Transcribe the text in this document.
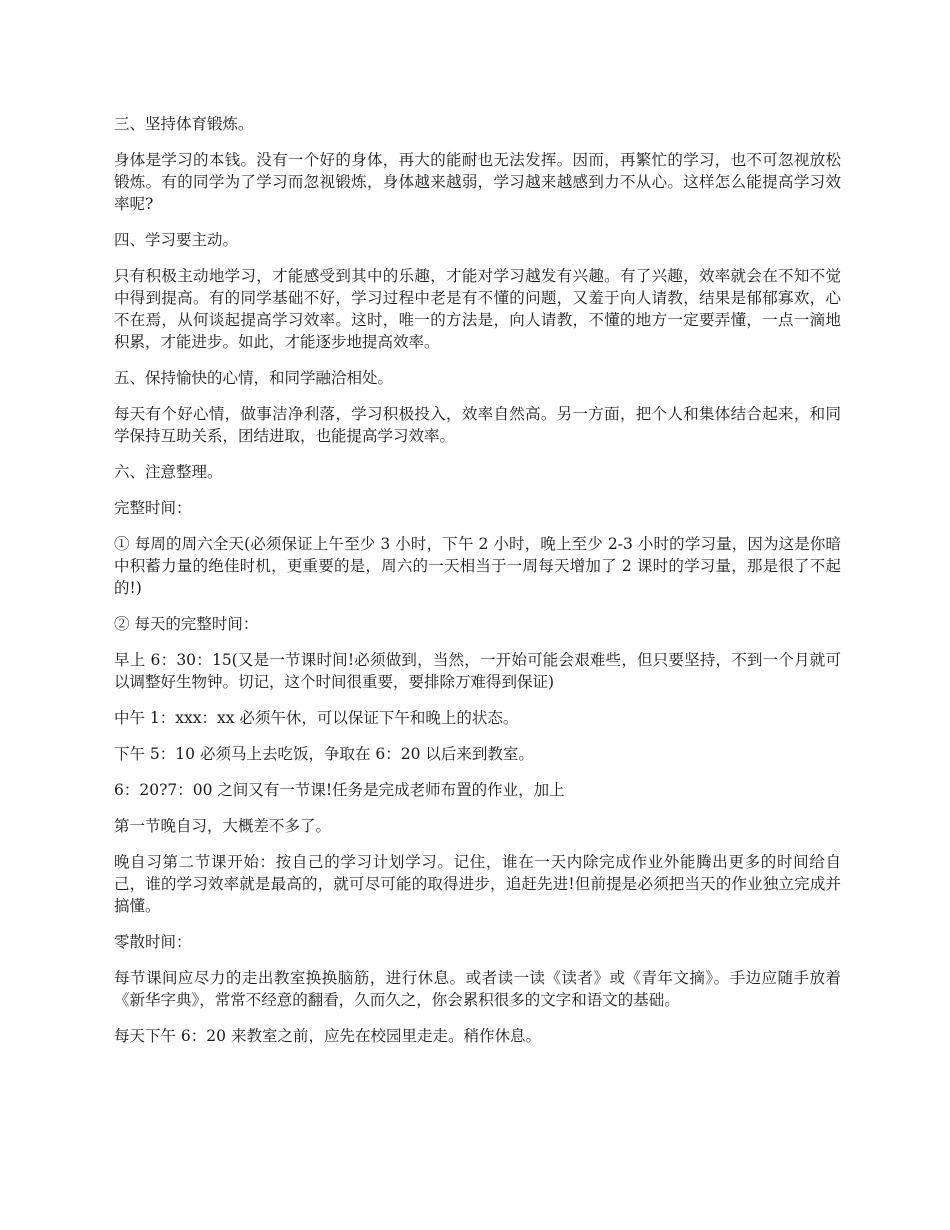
三、坚持体育锻炼。

身体是学习的本钱。没有一个好的身体，再大的能耐也无法发挥。因而，再繁忙的学习，也不可忽视放松锻炼。有的同学为了学习而忽视锻炼，身体越来越弱，学习越来越感到力不从心。这样怎么能提高学习效率呢?

四、学习要主动。

只有积极主动地学习，才能感受到其中的乐趣，才能对学习越发有兴趣。有了兴趣，效率就会在不知不觉中得到提高。有的同学基础不好，学习过程中老是有不懂的问题，又羞于向人请教，结果是郁郁寡欢，心不在焉，从何谈起提高学习效率。这时，唯一的方法是，向人请教，不懂的地方一定要弄懂，一点一滴地积累，才能进步。如此，才能逐步地提高效率。

五、保持愉快的心情，和同学融洽相处。

每天有个好心情，做事洁净利落，学习积极投入，效率自然高。另一方面，把个人和集体结合起来，和同学保持互助关系，团结进取，也能提高学习效率。

六、注意整理。

完整时间：

① 每周的周六全天(必须保证上午至少 3 小时，下午 2 小时，晚上至少 2-3 小时的学习量，因为这是你暗中积蓄力量的绝佳时机，更重要的是，周六的一天相当于一周每天增加了 2 课时的学习量，那是很了不起的!)

② 每天的完整时间：

早上 6：30：15(又是一节课时间!必须做到，当然，一开始可能会艰难些，但只要坚持，不到一个月就可以调整好生物钟。切记，这个时间很重要，要排除万难得到保证)

中午 1：xxx：xx 必须午休，可以保证下午和晚上的状态。

下午 5：10 必须马上去吃饭，争取在 6：20 以后来到教室。

6：20?7：00 之间又有一节课!任务是完成老师布置的作业，加上

第一节晚自习，大概差不多了。

晚自习第二节课开始：按自己的学习计划学习。记住，谁在一天内除完成作业外能腾出更多的时间给自己，谁的学习效率就是最高的，就可尽可能的取得进步，追赶先进!但前提是必须把当天的作业独立完成并搞懂。

零散时间：

每节课间应尽力的走出教室换换脑筋，进行休息。或者读一读《读者》或《青年文摘》。手边应随手放着《新华字典》，常常不经意的翻看，久而久之，你会累积很多的文字和语文的基础。

每天下午 6：20 来教室之前，应先在校园里走走。稍作休息。
